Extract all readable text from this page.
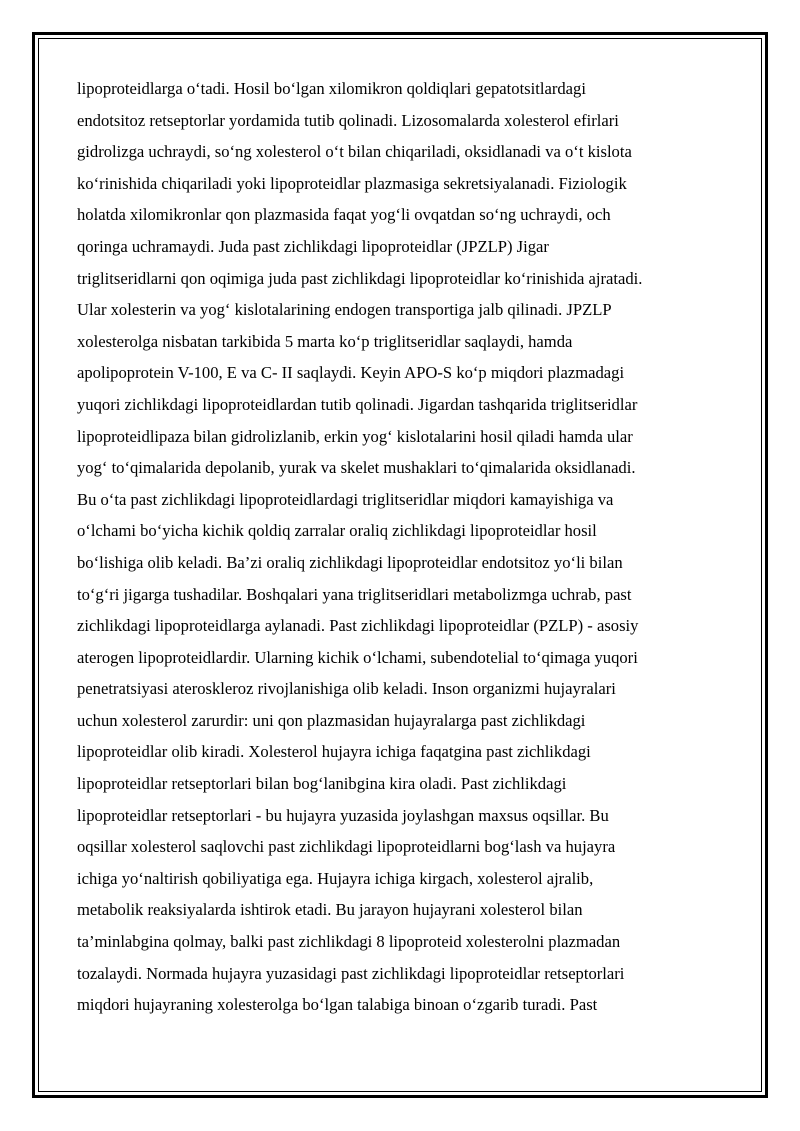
lipoproteidlarga o‘tadi. Hosil bo‘lgan xilomikron qoldiqlari gepatotsitlardagi
endotsitoz retseptorlar yordamida tutib qolinadi. Lizosomalarda xolesterol efirlari
gidrolizga uchraydi, so‘ng xolesterol o‘t bilan chiqariladi, oksidlanadi va o‘t kislota
ko‘rinishida chiqariladi yoki lipoproteidlar plazmasiga sekretsiyalanadi. Fiziologik
holatda xilomikronlar qon plazmasida faqat yog‘li ovqatdan so‘ng uchraydi, och
qoringa uchramaydi. Juda past zichlikdagi lipoproteidlar (JPZLP) Jigar
triglitseridlarni qon oqimiga juda past zichlikdagi lipoproteidlar ko‘rinishida ajratadi.
Ular xolesterin va yog‘ kislotalarining endogen transportiga jalb qilinadi. JPZLP
xolesterolga nisbatan tarkibida 5 marta ko‘p triglitseridlar saqlaydi, hamda
apolipoprotein V-100, E va C- II saqlaydi. Keyin APO-S ko‘p miqdori plazmadagi
yuqori zichlikdagi lipoproteidlardan tutib qolinadi. Jigardan tashqarida triglitseridlar
lipoproteidlipaza bilan gidrolizlanib, erkin yog‘ kislotalarini hosil qiladi hamda ular
yog‘ to‘qimalarida depolanib, yurak va skelet mushaklari to‘qimalarida oksidlanadi.
Bu o‘ta past zichlikdagi lipoproteidlardagi triglitseridlar miqdori kamayishiga va
o‘lchami bo‘yicha kichik qoldiq zarralar oraliq zichlikdagi lipoproteidlar hosil
bo‘lishiga olib keladi. Ba’zi oraliq zichlikdagi lipoproteidlar endotsitoz yo‘li bilan
to‘g‘ri jigarga tushadilar. Boshqalari yana triglitseridlari metabolizmga uchrab, past
zichlikdagi lipoproteidlarga aylanadi. Past zichlikdagi lipoproteidlar (PZLP) - asosiy
aterogen lipoproteidlardir. Ularning kichik o‘lchami, subendotelial to‘qimaga yuqori
penetratsiyasi ateroskleroz rivojlanishiga olib keladi. Inson organizmi hujayralari
uchun xolesterol zarurdir: uni qon plazmasidan hujayralarga past zichlikdagi
lipoproteidlar olib kiradi. Xolesterol hujayra ichiga faqatgina past zichlikdagi
lipoproteidlar retseptorlari bilan bog‘lanibgina kira oladi. Past zichlikdagi
lipoproteidlar retseptorlari - bu hujayra yuzasida joylashgan maxsus oqsillar. Bu
oqsillar xolesterol saqlovchi past zichlikdagi lipoproteidlarni bog‘lash va hujayra
ichiga yo‘naltirish qobiliyatiga ega. Hujayra ichiga kirgach, xolesterol ajralib,
metabolik reaksiyalarda ishtirok etadi. Bu jarayon hujayrani xolesterol bilan
ta’minlabgina qolmay, balki past zichlikdagi 8 lipoproteid xolesterolni plazmadan
tozalaydi. Normada hujayra yuzasidagi past zichlikdagi lipoproteidlar retseptorlari
miqdori hujayraning xolesterolga bo‘lgan talabiga binoan o‘zgarib turadi. Past
